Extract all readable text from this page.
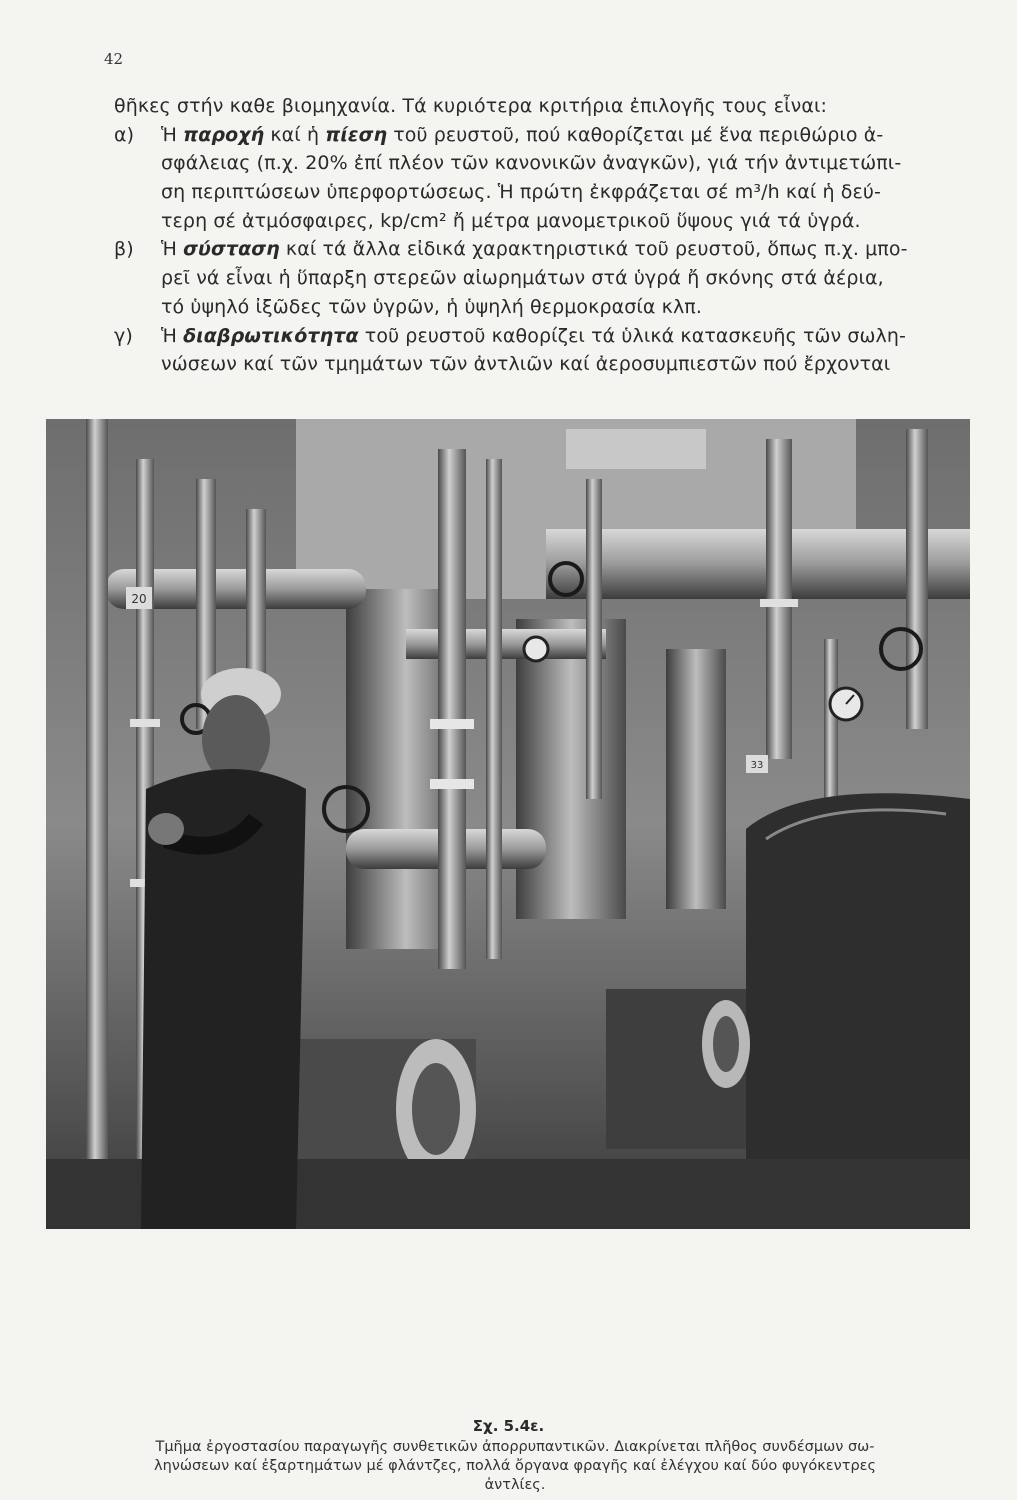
42
θῆκες στήν καθε βιομηχανία. Τά κυριότερα κριτήρια ἐπιλογῆς τους εἶναι:
α) Ἡ παροχή καί ἡ πίεση τοῦ ρευστοῦ, πού καθορίζεται μέ ἕνα περιθώριο ἀ-
σφάλειας (π.χ. 20% ἐπί πλέον τῶν κανονικῶν ἀναγκῶν), γιά τήν ἀντιμετώπι-
ση περιπτώσεων ὑπερφορτώσεως. Ἡ πρώτη ἐκφράζεται σέ m³/h καί ἡ δεύ-
τερη σέ ἀτμόσφαιρες, kp/cm² ἤ μέτρα μανομετρικοῦ ὕψους γιά τά ὑγρά.
β) Ἡ σύσταση καί τά ἄλλα εἰδικά χαρακτηριστικά τοῦ ρευστοῦ, ὅπως π.χ. μπο-
ρεῖ νά εἶναι ἡ ὕπαρξη στερεῶν αἰωρημάτων στά ὑγρά ἤ σκόνης στά ἀέρια,
τό ὑψηλό ἰξῶδες τῶν ὑγρῶν, ἡ ὑψηλή θερμοκρασία κλπ.
γ) Ἡ διαβρωτικότητα τοῦ ρευστοῦ καθορίζει τά ὑλικά κατασκευῆς τῶν σωλη-
νώσεων καί τῶν τμημάτων τῶν ἀντλιῶν καί ἀεροσυμπιεστῶν πού ἔρχονται
20
33
Σχ. 5.4ε.
Τμῆμα ἐργοστασίου παραγωγῆς συνθετικῶν ἀπορρυπαντικῶν. Διακρίνεται πλῆθος συνδέσμων σω-
ληνώσεων καί ἐξαρτημάτων μέ φλάντζες, πολλά ὄργανα φραγῆς καί ἐλέγχου καί δύο φυγόκεντρες
ἀντλίες.
